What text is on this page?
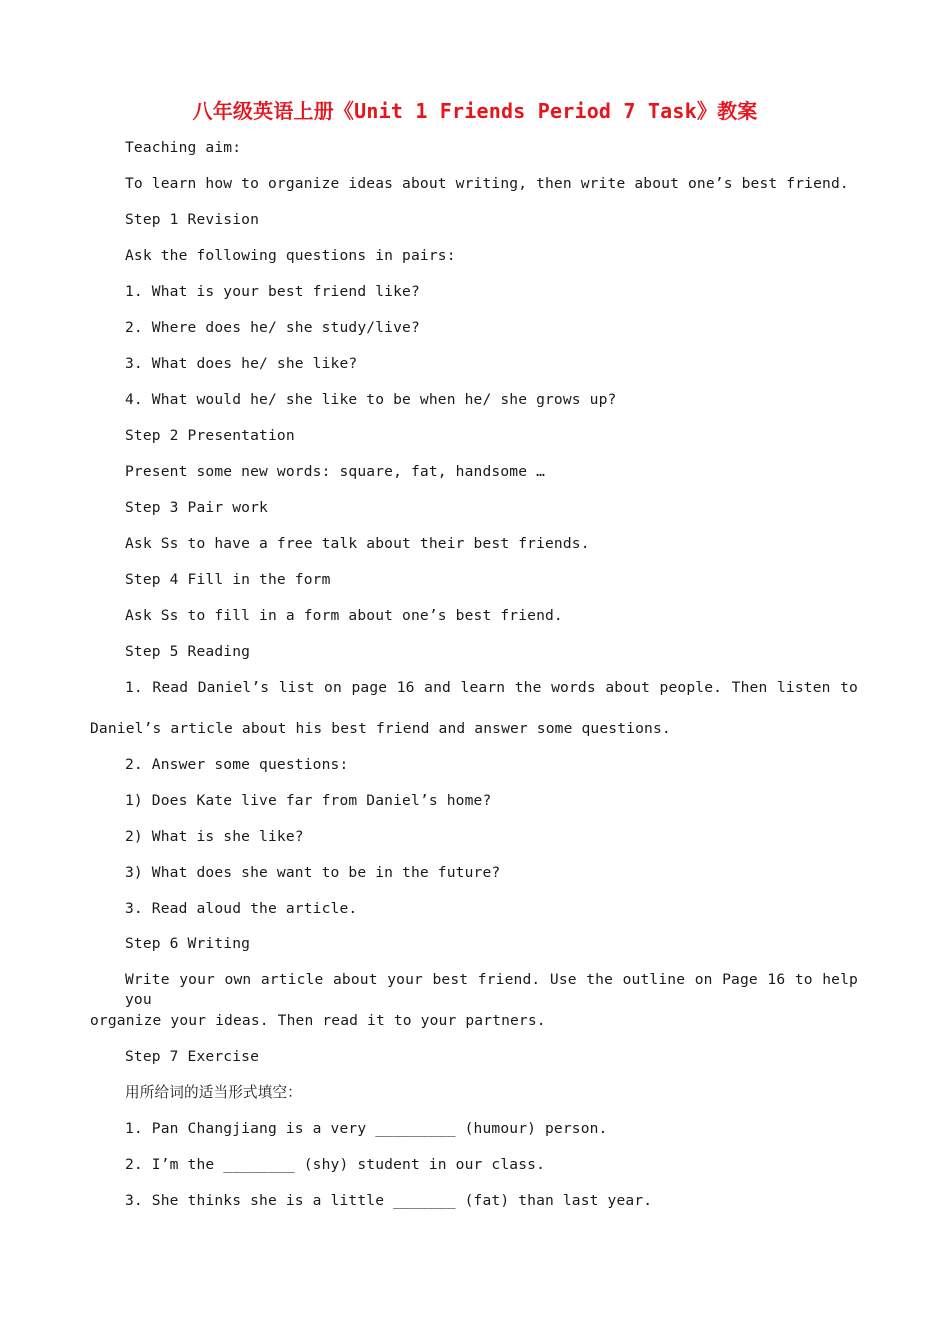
八年级英语上册《Unit 1 Friends Period 7 Task》教案
Teaching aim:
To learn how to organize ideas about writing, then write about one’s best friend.
Step 1 Revision
Ask the following questions in pairs:
1. What is your best friend like?
2. Where does he/ she study/live?
3. What does he/ she like?
4. What would he/ she like to be when he/ she grows up?
Step 2 Presentation
Present some new words: square, fat, handsome …
Step 3 Pair work
Ask Ss to have a free talk about their best friends.
Step 4 Fill in the form
Ask Ss to fill in a form about one’s best friend.
Step 5 Reading
1. Read Daniel’s list on page 16 and learn the words about people. Then listen to
Daniel’s article about his best friend and answer some questions.
2. Answer some questions:
1) Does Kate live far from Daniel’s home?
2) What is she like?
3) What does she want to be in the future?
3. Read aloud the article.
Step 6 Writing
Write your own article about your best friend. Use the outline on Page 16 to help you
organize your ideas. Then read it to your partners.
Step 7 Exercise
用所给词的适当形式填空：
1. Pan Changjiang is a very _________ (humour) person.
2. I’m the ________ (shy) student in our class.
3. She thinks she is a little _______ (fat) than last year.
